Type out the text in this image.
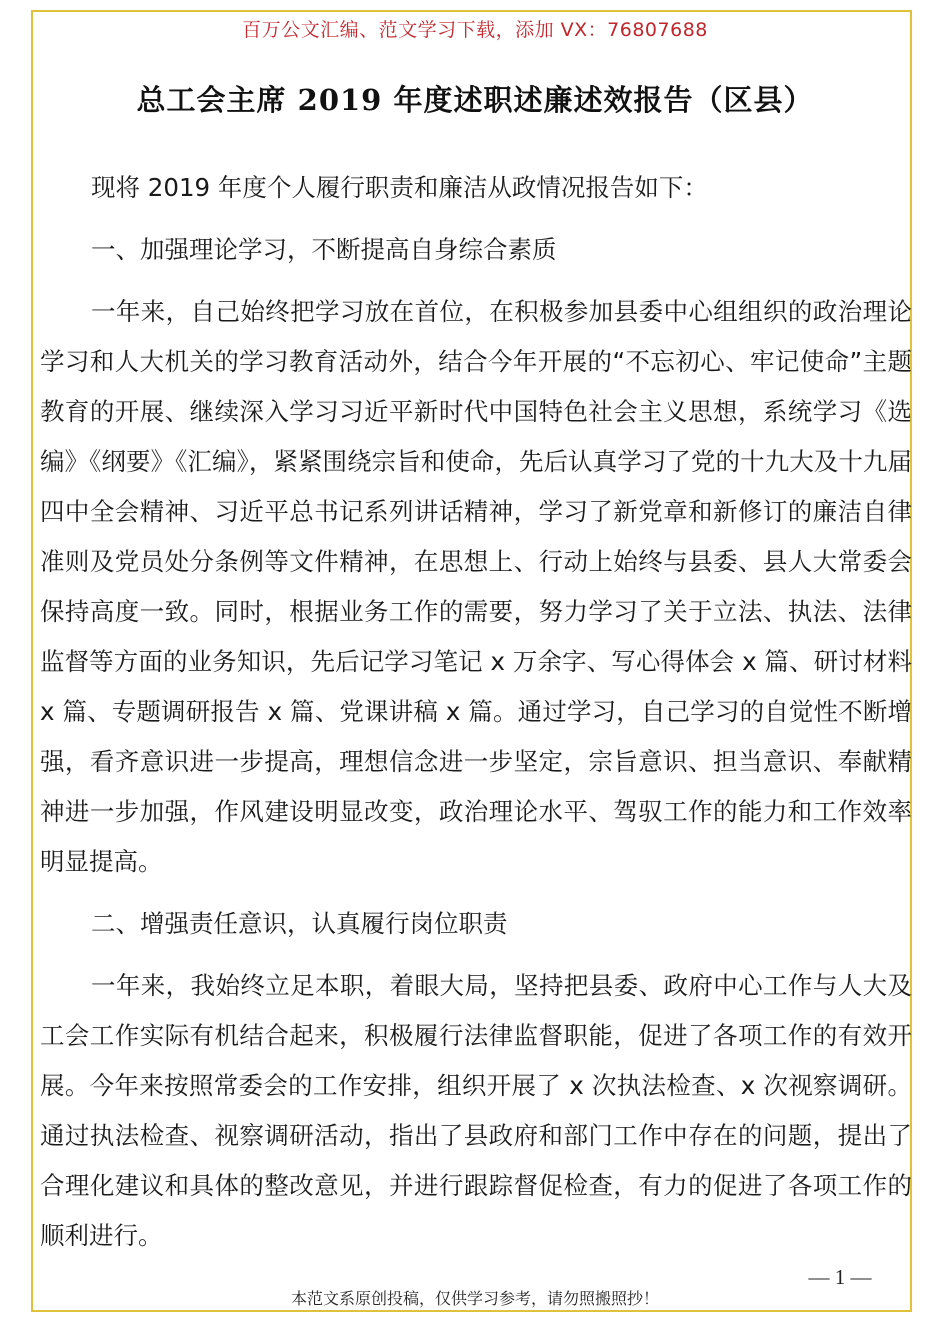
百万公文汇编、范文学习下载，添加 VX：76807688
总工会主席 2019 年度述职述廉述效报告（区县）

现将 2019 年度个人履行职责和廉洁从政情况报告如下：

一、加强理论学习，不断提高自身综合素质

一年来，自己始终把学习放在首位，在积极参加县委中心组组织的政治理论学习和人大机关的学习教育活动外，结合今年开展的“不忘初心、牢记使命”主题教育的开展、继续深入学习习近平新时代中国特色社会主义思想，系统学习《选编》《纲要》《汇编》，紧紧围绕宗旨和使命，先后认真学习了党的十九大及十九届四中全会精神、习近平总书记系列讲话精神，学习了新党章和新修订的廉洁自律准则及党员处分条例等文件精神，在思想上、行动上始终与县委、县人大常委会保持高度一致。同时，根据业务工作的需要，努力学习了关于立法、执法、法律监督等方面的业务知识，先后记学习笔记 x 万余字、写心得体会 x 篇、研讨材料 x 篇、专题调研报告 x 篇、党课讲稿 x 篇。通过学习，自己学习的自觉性不断增强，看齐意识进一步提高，理想信念进一步坚定，宗旨意识、担当意识、奉献精神进一步加强，作风建设明显改变，政治理论水平、驾驭工作的能力和工作效率明显提高。

二、增强责任意识，认真履行岗位职责

一年来，我始终立足本职，着眼大局，坚持把县委、政府中心工作与人大及工会工作实际有机结合起来，积极履行法律监督职能，促进了各项工作的有效开展。今年来按照常委会的工作安排，组织开展了 x 次执法检查、x 次视察调研。通过执法检查、视察调研活动，指出了县政府和部门工作中存在的问题，提出了合理化建议和具体的整改意见，并进行跟踪督促检查，有力的促进了各项工作的顺利进行。

— 1 —
本范文系原创投稿，仅供学习参考，请勿照搬照抄！
